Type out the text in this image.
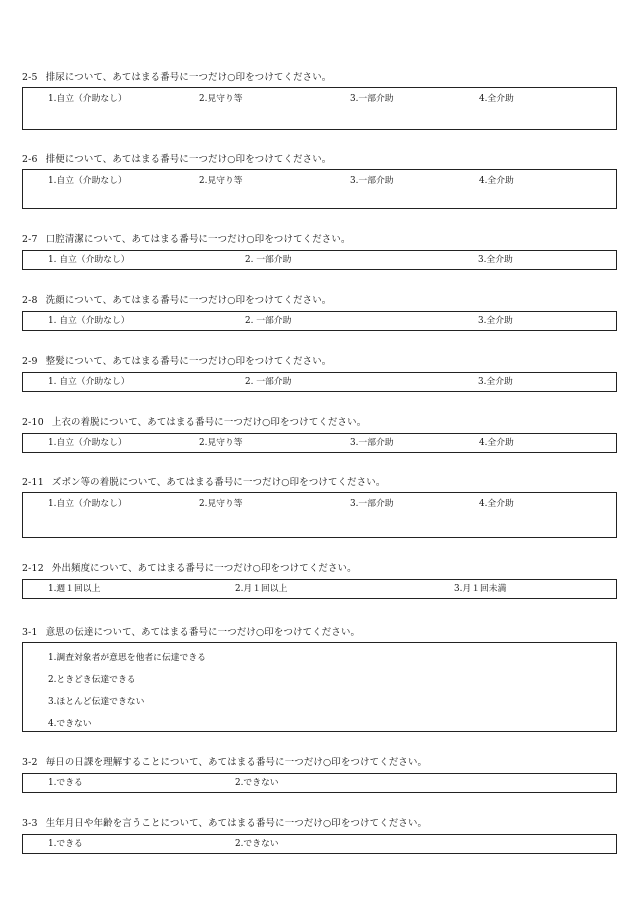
2-5 排尿について、あてはまる番号に一つだけ○印をつけてください。
1.自立（介助なし）	2.見守り等	3.一部介助	4.全介助
2-6 排便について、あてはまる番号に一つだけ○印をつけてください。
1.自立（介助なし）	2.見守り等	3.一部介助	4.全介助
2-7 口腔清潔について、あてはまる番号に一つだけ○印をつけてください。
1. 自立（介助なし）	2. 一部介助	3.全介助
2-8 洗顔について、あてはまる番号に一つだけ○印をつけてください。
1. 自立（介助なし）	2. 一部介助	3.全介助
2-9 整髪について、あてはまる番号に一つだけ○印をつけてください。
1. 自立（介助なし）	2. 一部介助	3.全介助
2-10 上衣の着脱について、あてはまる番号に一つだけ○印をつけてください。
1.自立（介助なし）	2.見守り等	3.一部介助	4.全介助
2-11 ズボン等の着脱について、あてはまる番号に一つだけ○印をつけてください。
1.自立（介助なし）	2.見守り等	3.一部介助	4.全介助
2-12 外出頻度について、あてはまる番号に一つだけ○印をつけてください。
1.週１回以上	2.月１回以上	3.月１回未満
3-1 意思の伝達について、あてはまる番号に一つだけ○印をつけてください。
1.調査対象者が意思を他者に伝達できる
2.ときどき伝達できる
3.ほとんど伝達できない
4.できない
3-2 毎日の日課を理解することについて、あてはまる番号に一つだけ○印をつけてください。
1.できる	2.できない
3-3 生年月日や年齢を言うことについて、あてはまる番号に一つだけ○印をつけてください。
1.できる	2.できない
